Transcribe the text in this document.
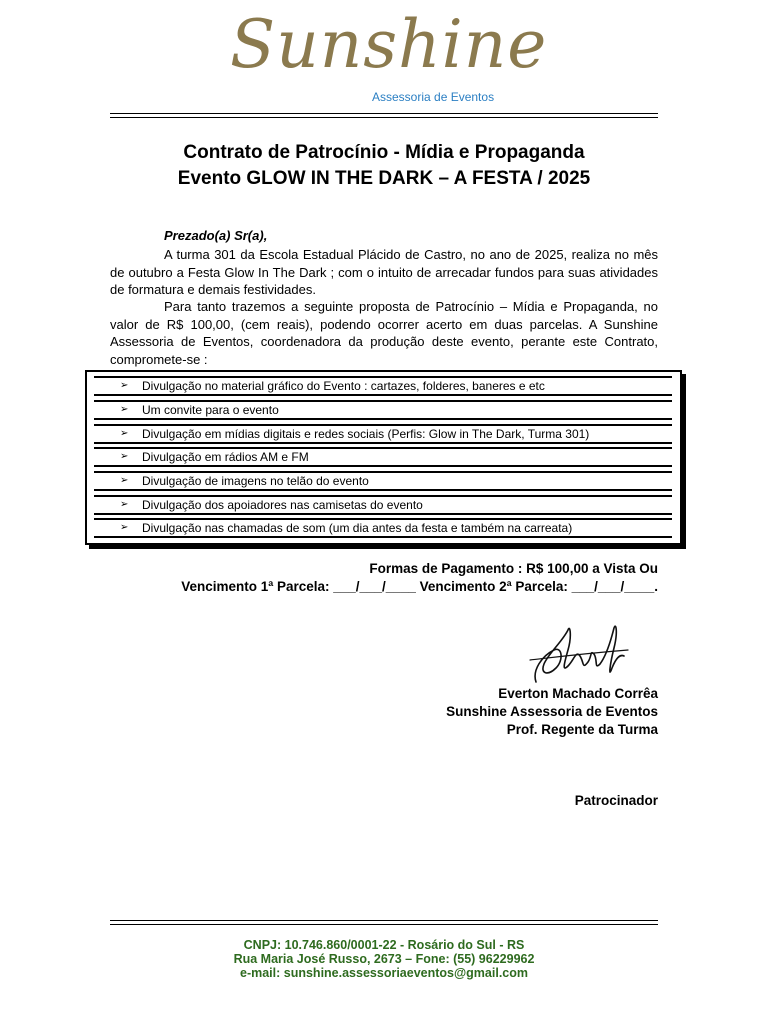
Sunshine
Assessoria de Eventos
Contrato de Patrocínio - Mídia e Propaganda
Evento GLOW IN THE DARK – A FESTA / 2025
Prezado(a) Sr(a),

A turma 301 da Escola Estadual Plácido de Castro, no ano de 2025, realiza no mês de outubro a Festa Glow In The Dark ; com o intuito de arrecadar fundos para suas atividades de formatura e demais festividades.

Para tanto trazemos a seguinte proposta de Patrocínio – Mídia e Propaganda, no valor de R$ 100,00, (cem reais), podendo ocorrer acerto em duas parcelas. A Sunshine Assessoria de Eventos, coordenadora da produção deste evento, perante este Contrato, compromete-se :

➢ Divulgação no material gráfico do Evento : cartazes, folderes, baneres e etc
➢ Um convite para o evento
➢ Divulgação em mídias digitais e redes sociais (Perfis: Glow in The Dark, Turma 301)
➢ Divulgação em rádios AM e FM
➢ Divulgação de imagens no telão do evento
➢ Divulgação dos apoiadores nas camisetas do evento
➢ Divulgação nas chamadas de som (um dia antes da festa e também na carreata)
Formas de Pagamento : R$ 100,00 a Vista Ou
Vencimento 1ª Parcela: ___/___/____ Vencimento 2ª Parcela: ___/___/____.
Everton Machado Corrêa
Sunshine Assessoria de Eventos
Prof. Regente da Turma
Patrocinador
CNPJ: 10.746.860/0001-22 - Rosário do Sul - RS
Rua Maria José Russo, 2673 – Fone: (55) 96229962
e-mail: sunshine.assessoriaeventos@gmail.com
